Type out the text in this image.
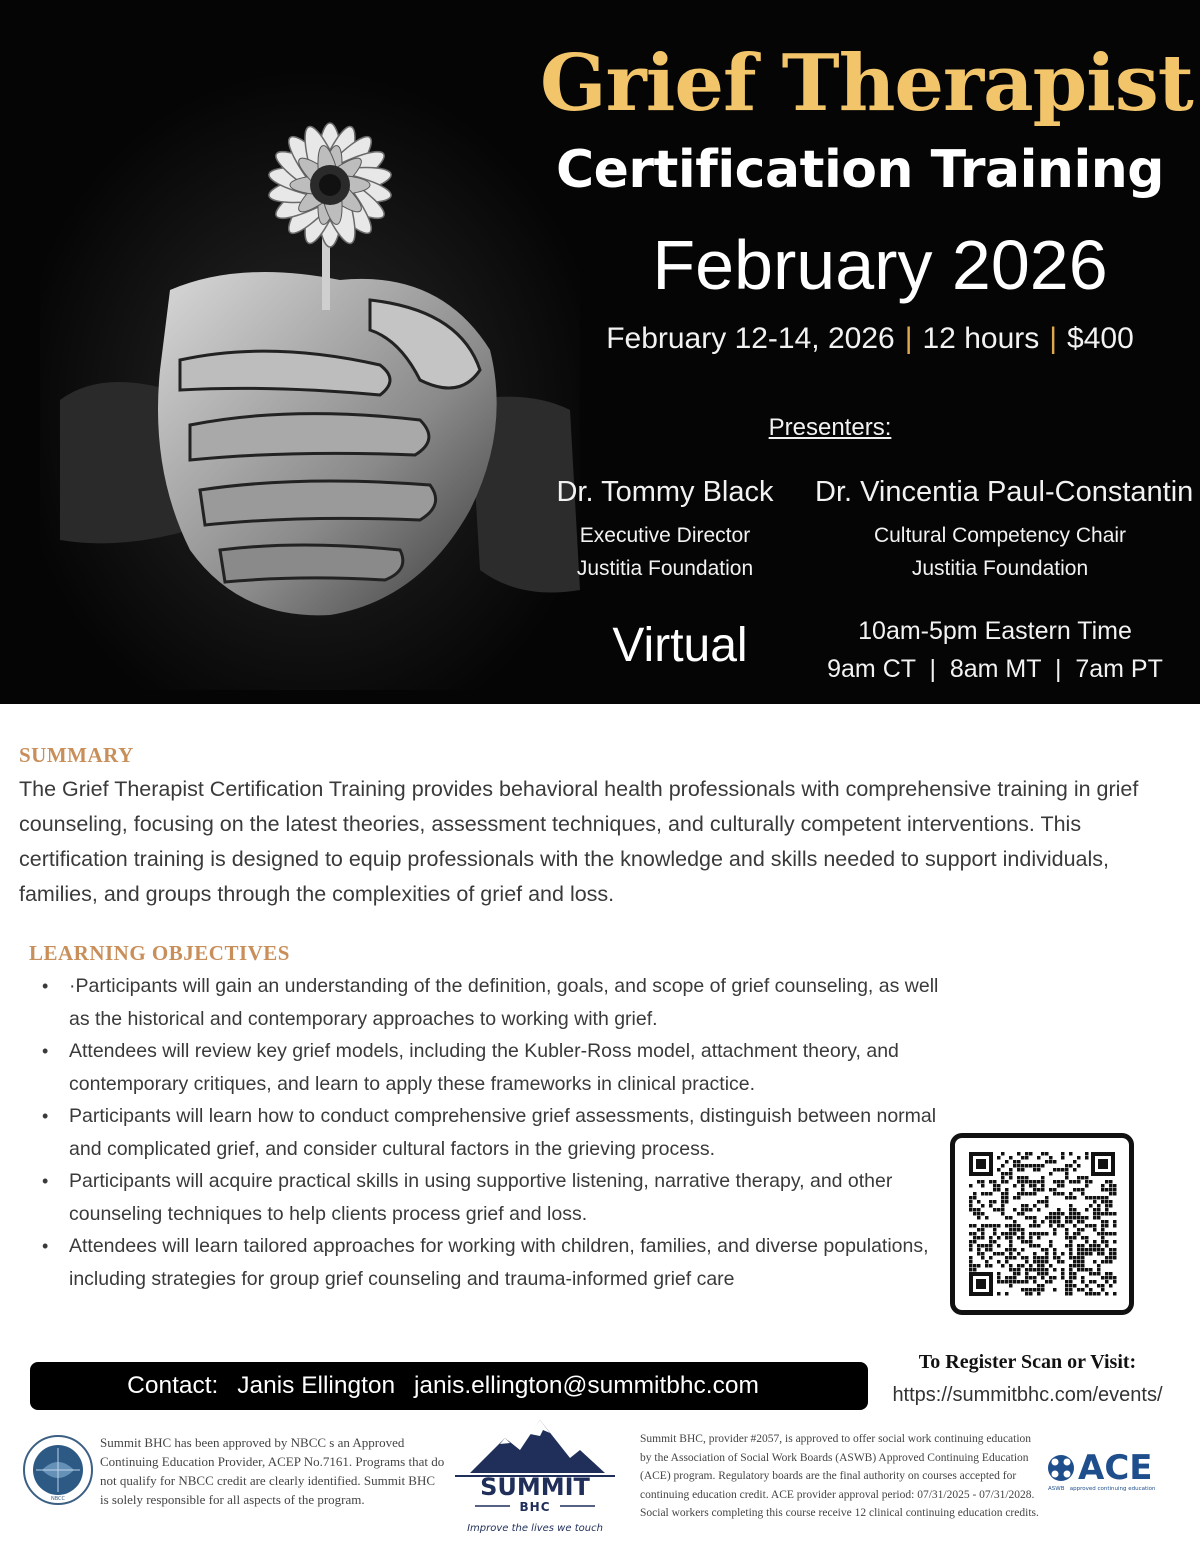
Grief Therapist
Certification Training
February 2026
February 12-14, 2026 | 12 hours | $400
Presenters:
Dr. Tommy Black
Executive Director
Justitia Foundation
Dr. Vincentia Paul-Constantin
Cultural Competency Chair
Justitia Foundation
Virtual	10am-5pm Eastern Time
9am CT  |  8am MT  |  7am PT
SUMMARY
The Grief Therapist Certification Training provides behavioral health professionals with comprehensive training in grief counseling, focusing on the latest theories, assessment techniques, and culturally competent interventions. This certification training is designed to equip professionals with the knowledge and skills needed to support individuals, families, and groups through the complexities of grief and loss.
LEARNING OBJECTIVES
• ·Participants will gain an understanding of the definition, goals, and scope of grief counseling, as well as the historical and contemporary approaches to working with grief.
• Attendees will review key grief models, including the Kubler-Ross model, attachment theory, and contemporary critiques, and learn to apply these frameworks in clinical practice.
• Participants will learn how to conduct comprehensive grief assessments, distinguish between normal and complicated grief, and consider cultural factors in the grieving process.
• Participants will acquire practical skills in using supportive listening, narrative therapy, and other counseling techniques to help clients process grief and loss.
• Attendees will learn tailored approaches for working with children, families, and diverse populations, including strategies for group grief counseling and trauma-informed grief care
Contact: Janis Ellington janis.ellington@summitbhc.com
To Register Scan or Visit:
https://summitbhc.com/events/
NBCC
Summit BHC has been approved by NBCC s an Approved Continuing Education Provider, ACEP No.7161. Programs that do not qualify for NBCC credit are clearly identified. Summit BHC is solely responsible for all aspects of the program.	SUMMIT
BHC
Improve the lives we touch
Summit BHC, provider #2057, is approved to offer social work continuing education by the Association of Social Work Boards (ASWB) Approved Continuing Education (ACE) program. Regulatory boards are the final authority on courses accepted for continuing education credit. ACE provider approval period: 07/31/2025 - 07/31/2028. Social workers completing this course receive 12 clinical continuing education credits.
ACE
ASWB   approved continuing education
